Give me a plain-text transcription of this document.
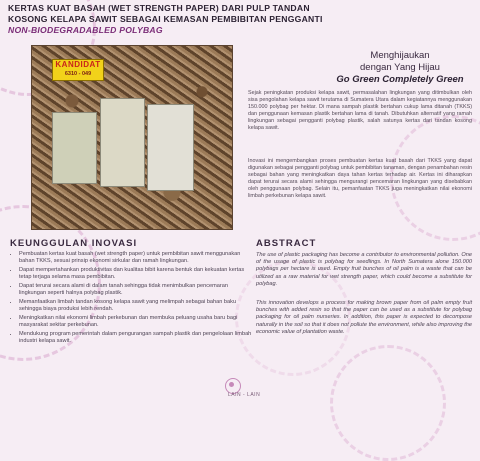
KERTAS KUAT BASAH (WET STRENGTH PAPER) DARI PULP TANDAN KOSONG KELAPA SAWIT SEBAGAI KEMASAN PEMBIBITAN PENGGANTI
NON-BIODEGRADABLED POLYBAG
KANDIDAT
6310 - 049
Menghijaukan
dengan Yang Hijau
Go Green Completely Green

Sejak peningkatan produksi kelapa sawit, permasalahan lingkungan yang ditimbulkan oleh sisa pengolahan kelapa sawit terutama di Sumatera Utara dalam kegiatannya menggunakan 150.000 polybag per hektar. Di mana sampah plastik bertahan cukup lama ditanah (TKKS) dan penggunaan kemasan plastik bertahan lama di tanah. Dibutuhkan alternatif yang ramah lingkungan sebagai pengganti polybag plastik, salah satunya kertas dari tandan kosong kelapa sawit.

Inovasi ini mengembangkan proses pembuatan kertas kuat basah dari TKKS yang dapat digunakan sebagai pengganti polybag untuk pembibitan tanaman, dengan penambahan resin sebagai bahan yang meningkatkan daya tahan kertas terhadap air. Kertas ini diharapkan dapat terurai secara alami sehingga mengurangi pencemaran lingkungan yang disebabkan oleh penggunaan polybag. Selain itu, pemanfaatan TKKS juga meningkatkan nilai ekonomi limbah perkebunan kelapa sawit.

ABSTRACT

The use of plastic packaging has become a contributor to environmental pollution. One of the usage of plastic is polybag for seedlings. In North Sumatera alone 150.000 polybags per hectare is used. Empty fruit bunches of oil palm is a waste that can be utilized as a raw material for wet strength paper, which could become a substitute for polybag.

This innovation develops a process for making brown paper from oil palm empty fruit bunches with added resin so that the paper can be used as a substitute for polybag packaging for oil palm nurseries. In addition, this paper is expected to decompose naturally in the soil so that it does not pollute the environment, while also improving the economic value of plantation waste.

KEUNGGULAN INOVASI
• Pembuatan kertas kuat basah (wet strength paper) untuk pembibitan sawit menggunakan bahan TKKS, sesuai prinsip ekonomi sirkular dan ramah lingkungan.
• Dapat mempertahankan produktivitas dan kualitas bibit karena bentuk dan kekuatan kertas tetap terjaga selama masa pembibitan.
• Dapat terurai secara alami di dalam tanah sehingga tidak menimbulkan pencemaran lingkungan seperti halnya polybag plastik.
• Memanfaatkan limbah tandan kosong kelapa sawit yang melimpah sebagai bahan baku sehingga biaya produksi lebih rendah.
• Meningkatkan nilai ekonomi limbah perkebunan dan membuka peluang usaha baru bagi masyarakat sekitar perkebunan.
• Mendukung program pemerintah dalam pengurangan sampah plastik dan pengelolaan limbah industri kelapa sawit.
LAIN - LAIN
